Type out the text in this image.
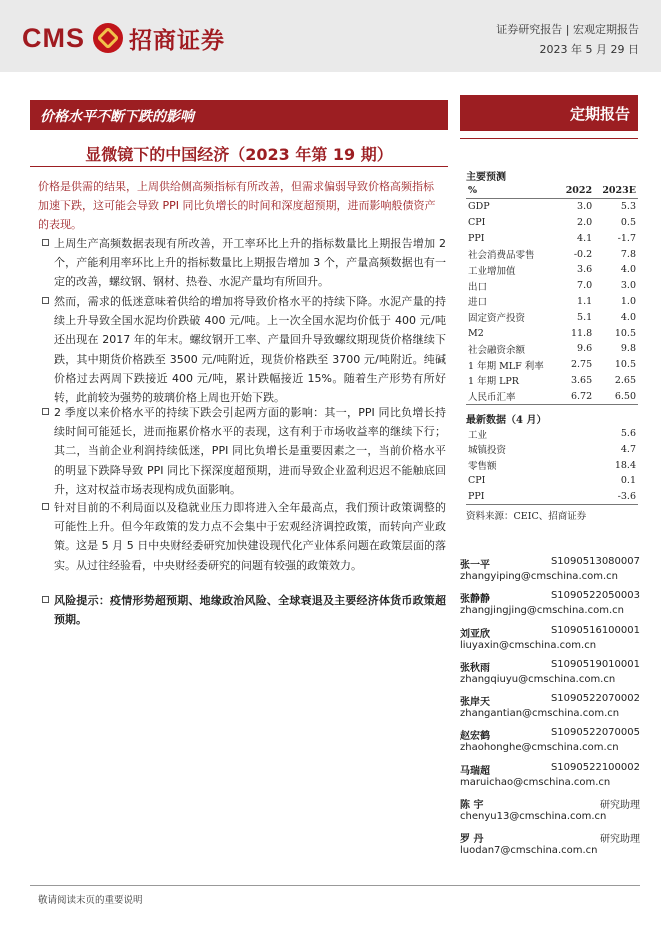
CMS 招商证券	证券研究报告 | 宏观定期报告
2023 年 5 月 29 日
价格水平不断下跌的影响
显微镜下的中国经济（2023 年第 19 期）
定期报告
价格是供需的结果，上周供给侧高频指标有所改善，但需求偏弱导致价格高频指标加速下跌，这可能会导致 PPI 同比负增长的时间和深度超预期，进而影响般债资产的表现。
上周生产高频数据表现有所改善，开工率环比上升的指标数量比上期报告增加 2 个，产能利用率环比上升的指标数量比上期报告增加 3 个，产量高频数据也有一定的改善，螺纹钢、钢材、热卷、水泥产量均有所回升。
然而，需求的低迷意味着供给的增加将导致价格水平的持续下降。水泥产量的持续上升导致全国水泥均价跌破 400 元/吨。上一次全国水泥均价低于 400 元/吨还出现在 2017 年的年末。螺纹钢开工率、产量回升导致螺纹期现货价格继续下跌，其中期货价格跌至 3500 元/吨附近，现货价格跌至 3700 元/吨附近。纯碱价格过去两周下跌接近 400 元/吨，累计跌幅接近 15%。随着生产形势有所好转，此前较为强势的玻璃价格上周也开始下跌。
2 季度以来价格水平的持续下跌会引起两方面的影响：其一，PPI 同比负增长持续时间可能延长，进而拖累价格水平的表现，这有利于市场收益率的继续下行；其二，当前企业利润持续低迷，PPI 同比负增长是重要因素之一，当前价格水平的明显下跌降导致 PPI 同比下探深度超预期，进而导致企业盈利迟迟不能触底回升，这对权益市场表现构成负面影响。
针对目前的不利局面以及稳就业压力即将进入全年最高点，我们预计政策调整的可能性上升。但今年政策的发力点不会集中于宏观经济调控政策，而转向产业政策。这是 5 月 5 日中央财经委研究加快建设现代化产业体系问题在政策层面的落实。从过往经验看，中央财经委研究的问题有较强的政策效力。
风险提示：疫情形势超预期、地缘政治风险、全球衰退及主要经济体货币政策超预期。
主要预测
%	2022	2023E
GDP	3.0	5.3
CPI	2.0	0.5
PPI	4.1	-1.7
社会消费品零售	-0.2	7.8
工业增加值	3.6	4.0
出口	7.0	3.0
进口	1.1	1.0
固定资产投资	5.1	4.0
M2	11.8	10.5
社会融资余额	9.6	9.8
1 年期 MLF 利率	2.75	10.5
1 年期 LPR	3.65	2.65
人民币汇率	6.72	6.50
最新数据（4 月）
工业	5.6
城镇投资	4.7
零售额	18.4
CPI	0.1
PPI	-3.6
资料来源：CEIC、招商证券
张一平	S1090513080007
zhangyiping@cmschina.com.cn
张静静	S1090522050003
zhangjingjing@cmschina.com.cn
刘亚欣	S1090516100001
liuyaxin@cmschina.com.cn
张秋雨	S1090519010001
zhangqiuyu@cmschina.com.cn
张岸天	S1090522070002
zhangantian@cmschina.com.cn
赵宏鹤	S1090522070005
zhaohonghe@cmschina.com.cn
马瑞超	S1090522100002
maruichao@cmschina.com.cn
陈 宇	研究助理
chenyu13@cmschina.com.cn
罗 丹	研究助理
luodan7@cmschina.com.cn
敬请阅读末页的重要说明
